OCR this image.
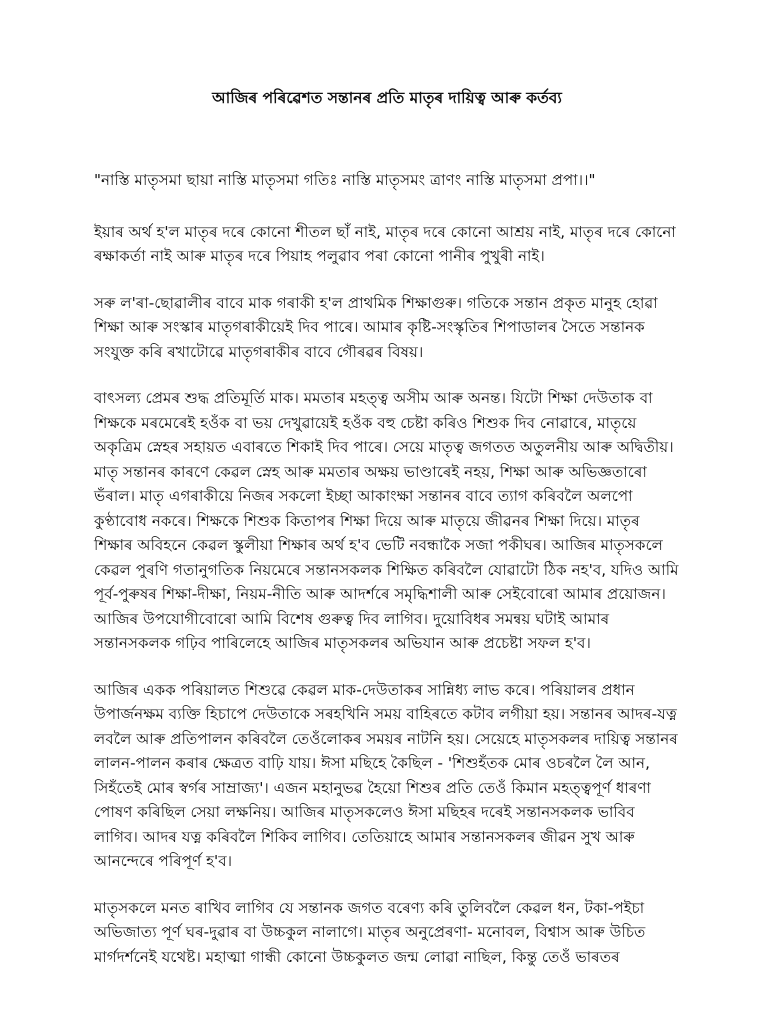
আজিৰ পৰিৱেশত সন্তানৰ প্ৰতি মাতৃৰ দায়িত্ব আৰু কৰ্তব্য

"নাস্তি মাতৃসমা ছায়া নাস্তি মাতৃসমা গতিঃ নাস্তি মাতৃসমং ত্ৰাণং নাস্তি মাতৃসমা প্ৰপা।।"

ইয়াৰ অৰ্থ হ'ল মাতৃৰ দৰে কোনো শীতল ছাঁ নাই, মাতৃৰ দৰে কোনো আশ্ৰয় নাই, মাতৃৰ দৰে কোনো ৰক্ষাকৰ্তা নাই আৰু মাতৃৰ দৰে পিয়াহ পলুৱাব পৰা কোনো পানীৰ পুখুৰী নাই।

সৰু ল'ৰা-ছোৱালীৰ বাবে মাক গৰাকী হ'ল প্ৰাথমিক শিক্ষাগুৰু। গতিকে সন্তান প্ৰকৃত মানুহ হোৱা শিক্ষা আৰু সংস্কাৰ মাতৃগৰাকীয়েই দিব পাৰে। আমাৰ কৃষ্টি-সংস্কৃতিৰ শিপাডালৰ সৈতে সন্তানক সংযুক্ত কৰি ৰখাটোৱে মাতৃগৰাকীৰ বাবে গৌৰৱৰ বিষয়।

বাৎসল্য প্ৰেমৰ শুদ্ধ প্ৰতিমূৰ্তি মাক। মমতাৰ মহত্ত্ব অসীম আৰু অনন্ত। যিটো শিক্ষা দেউতাক বা শিক্ষকে মৰমেৰেই হওঁক বা ভয় দেখুৱায়েই হওঁক বহু চেষ্টা কৰিও শিশুক দিব নোৱাৰে, মাতৃয়ে অকৃত্ৰিম স্নেহৰ সহায়ত এবাৰতে শিকাই দিব পাৰে। সেয়ে মাতৃত্ব জগতত অতুলনীয় আৰু অদ্বিতীয়। মাতৃ সন্তানৰ কাৰণে কেৱল স্নেহ আৰু মমতাৰ অক্ষয় ভাণ্ডাৰেই নহয়, শিক্ষা আৰু অভিজ্ঞতাৰো ভঁৰাল। মাতৃ এগৰাকীয়ে নিজৰ সকলো ইচ্ছা আকাংক্ষা সন্তানৰ বাবে ত্যাগ কৰিবলৈ অলপো কুণ্ঠাবোধ নকৰে। শিক্ষকে শিশুক কিতাপৰ শিক্ষা দিয়ে আৰু মাতৃয়ে জীৱনৰ শিক্ষা দিয়ে। মাতৃৰ শিক্ষাৰ অবিহনে কেৱল স্কুলীয়া শিক্ষাৰ অৰ্থ হ'ব ভেটি নবন্ধাকৈ সজা পকীঘৰ। আজিৰ মাতৃসকলে কেৱল পুৰণি গতানুগতিক নিয়মেৰে সন্তানসকলক শিক্ষিত কৰিবলৈ যোৱাটো ঠিক নহ'ব, যদিও আমি পূৰ্ব-পুৰুষৰ শিক্ষা-দীক্ষা, নিয়ম-নীতি আৰু আদৰ্শৰে সমৃদ্ধিশালী আৰু সেইবোৰো আমাৰ প্ৰয়োজন। আজিৰ উপযোগীবোৰো আমি বিশেষ গুৰুত্ব দিব লাগিব। দুয়োবিধৰ সমন্বয় ঘটাই আমাৰ সন্তানসকলক গঢ়িব পাৰিলেহে আজিৰ মাতৃসকলৰ অভিযান আৰু প্ৰচেষ্টা সফল হ'ব।

আজিৰ একক পৰিয়ালত শিশুৱে কেৱল মাক-দেউতাকৰ সান্নিধ্য লাভ কৰে। পৰিয়ালৰ প্ৰধান উপাৰ্জনক্ষম ব্যক্তি হিচাপে দেউতাকে সৰহখিনি সময় বাহিৰতে কটাব লগীয়া হয়। সন্তানৰ আদৰ-যত্ন লবলৈ আৰু প্ৰতিপালন কৰিবলৈ তেওঁলোকৰ সময়ৰ নাটনি হয়। সেয়েহে মাতৃসকলৰ দায়িত্ব সন্তানৰ লালন-পালন কৰাৰ ক্ষেত্ৰত বাঢ়ি যায়। ঈসা মছিহে কৈছিল - 'শিশুহঁতক মোৰ ওচৰলৈ লৈ আন, সিহঁতেই মোৰ স্বৰ্গৰ সাম্ৰাজ্য'। এজন মহানুভৱ হৈয়ো শিশুৰ প্ৰতি তেওঁ কিমান মহত্ত্বপূৰ্ণ ধাৰণা পোষণ কৰিছিল সেয়া লক্ষনিয়। আজিৰ মাতৃসকলেও ঈসা মছিহৰ দৰেই সন্তানসকলক ভাবিব লাগিব। আদৰ যত্ন কৰিবলৈ শিকিব লাগিব। তেতিয়াহে আমাৰ সন্তানসকলৰ জীৱন সুখ আৰু আনন্দেৰে পৰিপূৰ্ণ হ'ব।

মাতৃসকলে মনত ৰাখিব লাগিব যে সন্তানক জগত বৰেণ্য কৰি তুলিবলৈ কেৱল ধন, টকা-পইচা অভিজাত্য পূৰ্ণ ঘৰ-দুৱাৰ বা উচ্চকুল নালাগে। মাতৃৰ অনুপ্ৰেৰণা- মনোবল, বিশ্বাস আৰু উচিত মাৰ্গদৰ্শনেই যথেষ্ট। মহাত্মা গান্ধী কোনো উচ্চকুলত জন্ম লোৱা নাছিল, কিন্তু তেওঁ ভাৰতৰ
